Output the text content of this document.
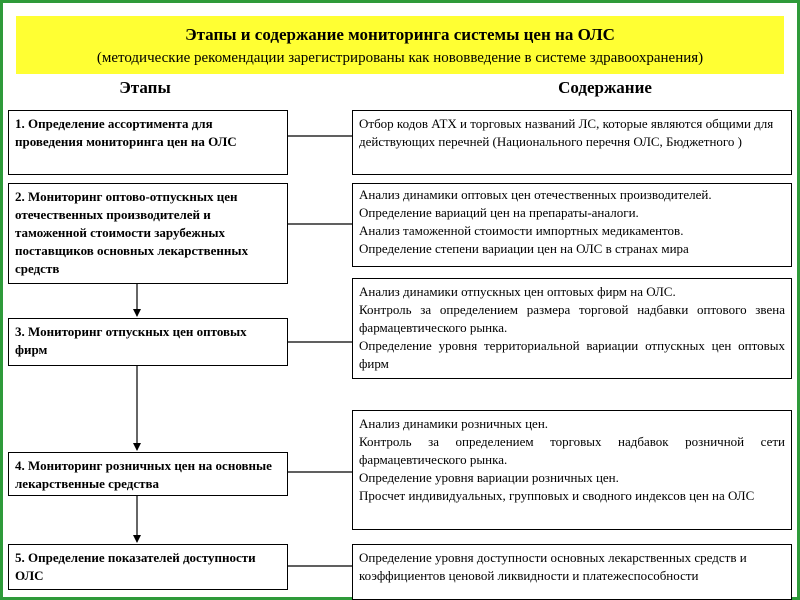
Этапы и содержание мониторинга системы цен на ОЛС
(методические рекомендации зарегистрированы как нововведение в системе здравоохранения)
Этапы	Содержание
1. Определение ассортимента для проведения мониторинга цен на ОЛС
2. Мониторинг оптово-отпускных цен отечественных производителей и таможенной стоимости зарубежных поставщиков основных лекарственных средств
3. Мониторинг отпускных цен оптовых фирм
4. Мониторинг розничных цен на основные лекарственные средства
5. Определение показателей доступности ОЛС
Отбор кодов АТХ и торговых названий ЛС, которые являются общими для действующих перечней (Национального перечня ОЛС, Бюджетного )
Анализ динамики оптовых цен отечественных производителей.
Определение вариаций цен на препараты-аналоги.
Анализ таможенной стоимости импортных медикаментов.
Определение степени вариации цен на ОЛС в странах мира
Анализ динамики отпускных цен оптовых фирм на ОЛС.
Контроль за определением размера торговой надбавки оптового звена фармацевтического рынка.
Определение уровня территориальной вариации отпускных цен оптовых фирм
Анализ динамики розничных цен.
Контроль за определением торговых надбавок розничной сети фармацевтического рынка.
Определение уровня вариации розничных цен.
Просчет индивидуальных, групповых и сводного индексов цен на ОЛС
Определение уровня доступности основных лекарственных средств и коэффициентов ценовой ликвидности и платежеспособности
